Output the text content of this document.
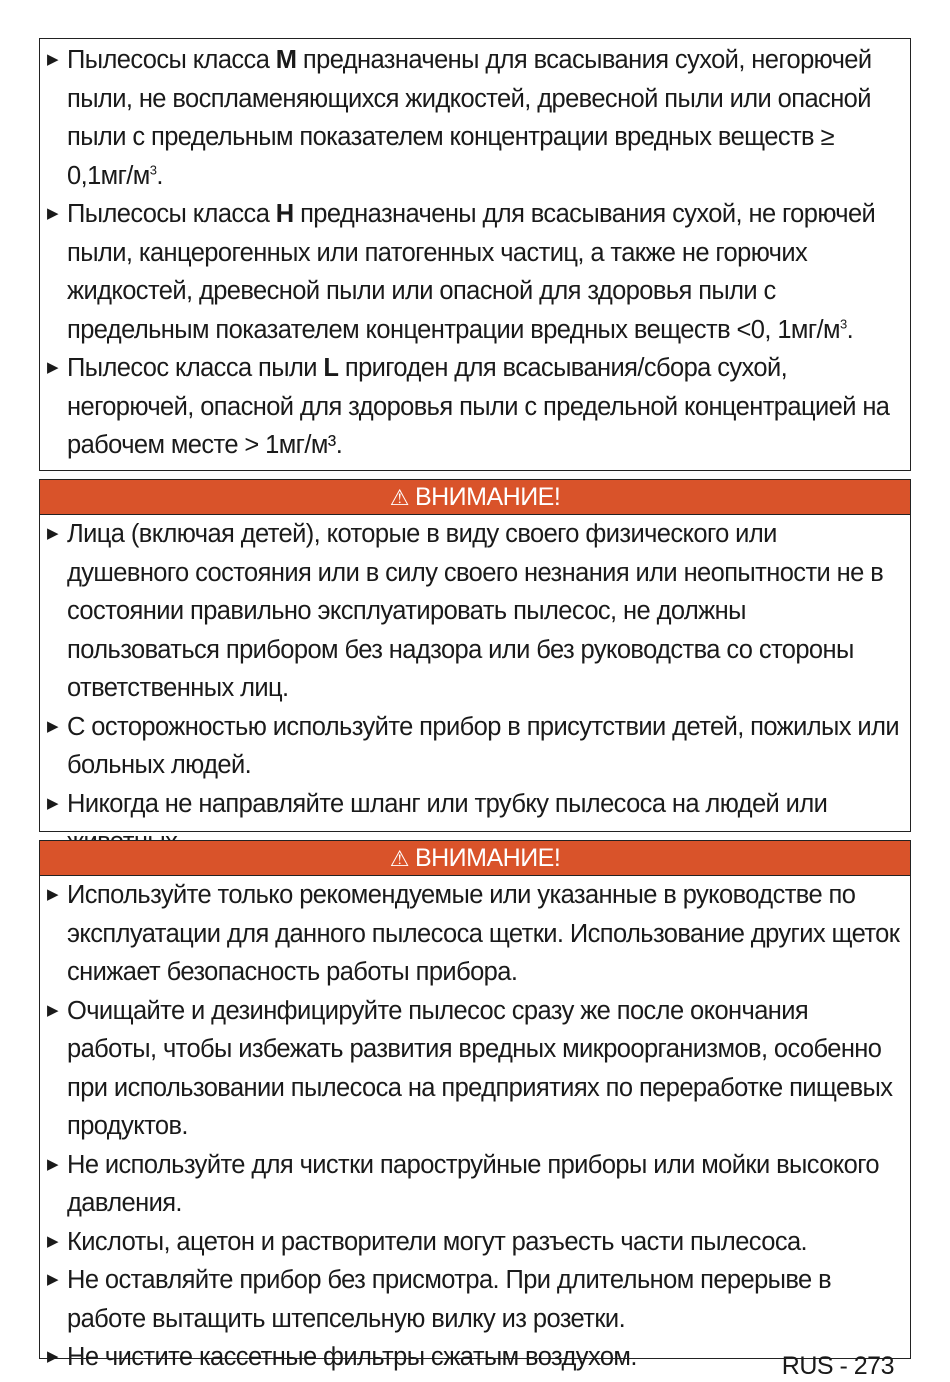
▶ Пылесосы класса M предназначены для всасывания сухой, негорючей пыли, не воспламеняющихся жидкостей, древесной пыли или опасной пыли с предельным показателем концентрации вредных веществ ≥ $0,1мг/м^3$.
▶ Пылесосы класса H предназначены для всасывания сухой, не горючей пыли, канцерогенных или патогенных частиц, а также не горючих жидкостей, древесной пыли или опасной для здоровья пыли с предельным показателем концентрации вредных веществ <0, $1мг/м^3$.
▶ Пылесос класса пыли L пригоден для всасывания/сбора сухой, негорючей, опасной для здоровья пыли с предельной концентрацией на рабочем месте > 1мг/м³.
⚠ ВНИМАНИЕ!
▶ Лица (включая детей), которые в виду своего физического или душевного состояния или в силу своего незнания или неопытности не в состоянии правильно эксплуатировать пылесос, не должны пользоваться прибором без надзора или без руководства со стороны ответственных лиц.
▶ С осторожностью используйте прибор в присутствии детей, пожилых или больных людей.
▶ Никогда не направляйте шланг или трубку пылесоса на людей или
⚠ ВНИМАНИЕ!
▶ Используйте только рекомендуемые или указанные в руководстве по эксплуатации для данного пылесоса щетки. Использование других щеток снижает безопасность работы прибора.
▶ Очищайте и дезинфицируйте пылесос сразу же после окончания работы, чтобы избежать развития вредных микроорганизмов, особенно при использовании пылесоса на предприятиях по переработке пищевых продуктов.
▶ Не используйте для чистки пароструйные приборы или мойки высокого давления.
▶ Кислоты, ацетон и растворители могут разъесть части пылесоса.
▶ Не оставляйте прибор без присмотра. При длительном перерыве в работе вытащить штепсельную вилку из розетки.
▶ Не чистите кассетные фильтры сжатым воздухом.	RUS - 273
